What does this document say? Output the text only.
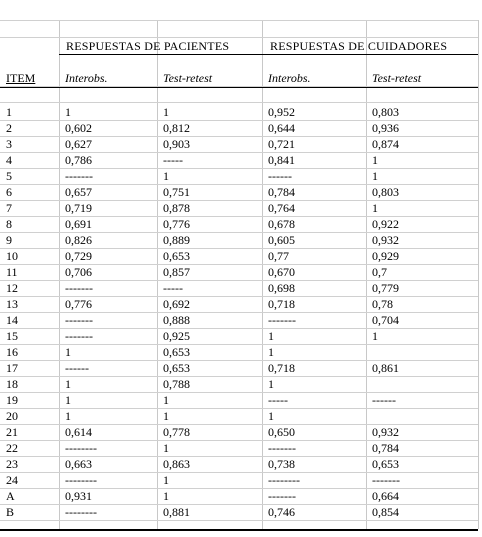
RESPUESTAS DE PACIENTES	RESPUESTAS DE CUIDADORES
ITEM Interobs.	Test-retest	Interobs.	Test-retest
1	1	1	0,952	0,803
2	0,602	0,812	0,644	0,936
3	0,627	0,903	0,721	0,874
4	0,786	-----	0,841	1
5	-------	1	------	1
6	0,657	0,751	0,784	0,803
7	0,719	0,878	0,764	1
8	0,691	0,776	0,678	0,922
9	0,826	0,889	0,605	0,932
10	0,729	0,653	0,77	0,929
11	0,706	0,857	0,670	0,7
12	-------	-----	0,698	0,779
13	0,776	0,692	0,718	0,78
14	-------	0,888	-------	0,704
15	-------	0,925	1	1
16	1	0,653	1
17	------	0,653	0,718	0,861
18	1	0,788	1
19	1	1	-----	------
20	1	1	1
21	0,614	0,778	0,650	0,932
22	--------	1	-------	0,784
23	0,663	0,863	0,738	0,653
24	--------	1	--------	-------
A	0,931	1	-------	0,664
B	--------	0,881	0,746	0,854
